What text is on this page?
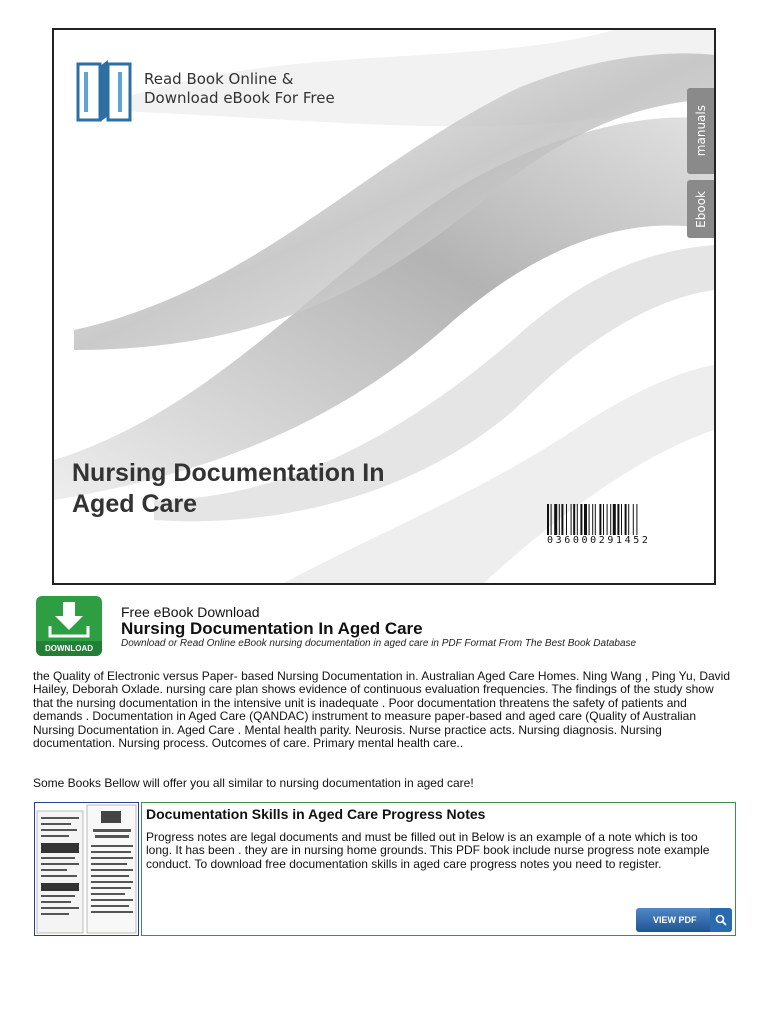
Read Book Online &
Download eBook For Free
manuals
Ebook
Nursing Documentation In
Aged Care
036000291452
DOWNLOAD
Free eBook Download
Nursing Documentation In Aged Care
Download or Read Online eBook nursing documentation in aged care in PDF Format From The Best Book Database
the Quality of Electronic versus Paper- based Nursing Documentation in. Australian Aged Care Homes. Ning Wang , Ping Yu, David Hailey, Deborah Oxlade. nursing care plan shows evidence of continuous evaluation frequencies. The findings of the study show that the nursing documentation in the intensive unit is inadequate . Poor documentation threatens the safety of patients and demands . Documentation in Aged Care (QANDAC) instrument to measure paper-based and aged care (Quality of Australian Nursing Documentation in. Aged Care . Mental health parity. Neurosis. Nurse practice acts. Nursing diagnosis. Nursing documentation. Nursing process. Outcomes of care. Primary mental health care..
Some Books Bellow will offer you all similar to nursing documentation in aged care!
Documentation Skills in Aged Care Progress Notes
Progress notes are legal documents and must be filled out in Below is an example of a note which is too long. It has been . they are in nursing home grounds. This PDF book include nurse progress note example conduct. To download free documentation skills in aged care progress notes you need to register.
VIEW PDF
